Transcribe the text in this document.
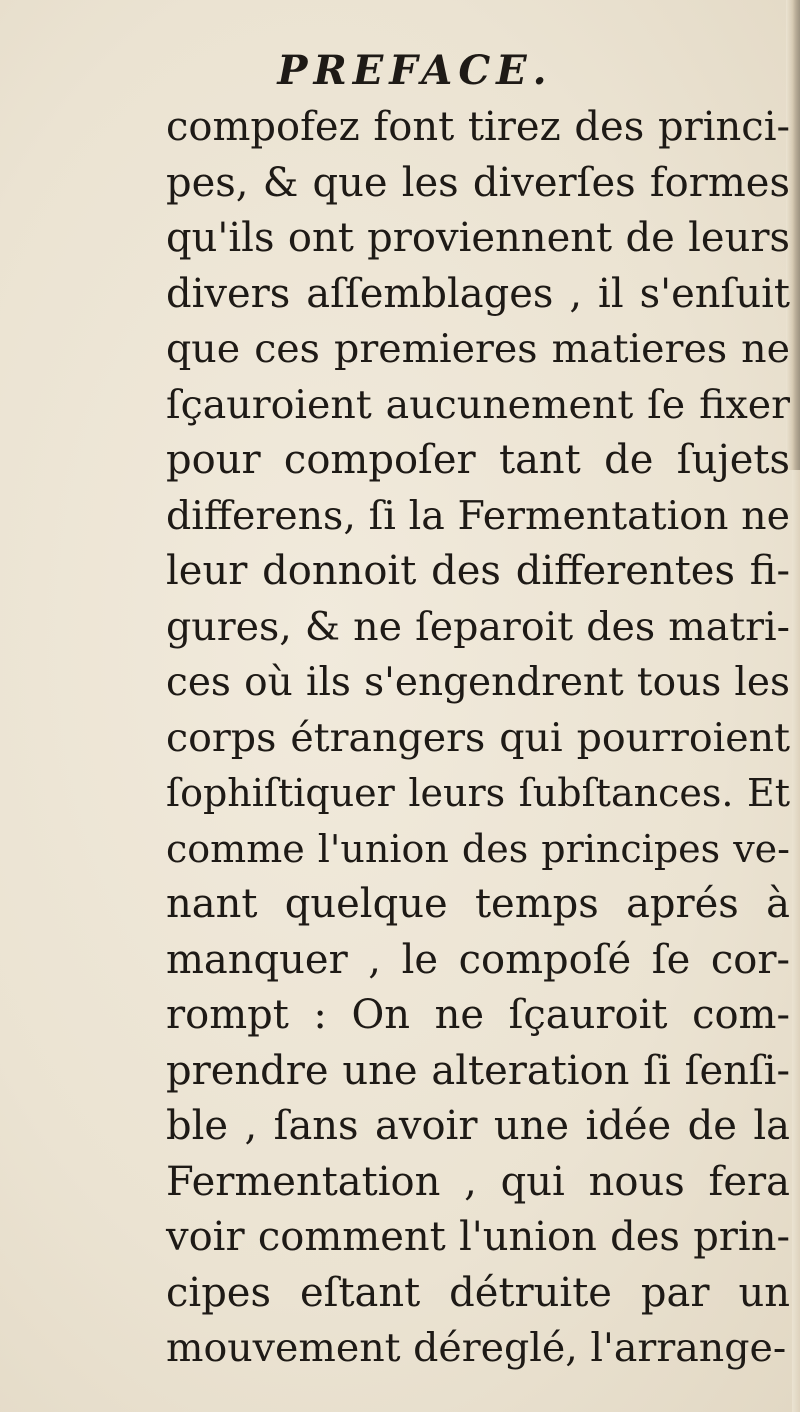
PREFACE.
compofez font tirez des princi-
pes, & que les diverſes formes
qu'ils ont proviennent de leurs
divers aſſemblages , il s'enſuit
que ces premieres matieres ne
ſçauroient aucunement ſe fixer
pour compoſer tant de ſujets
differens, ſi la Fermentation ne
leur donnoit des differentes fi-
gures, & ne ſeparoit des matri-
ces où ils s'engendrent tous les
corps étrangers qui pourroient
ſophiſtiquer leurs ſubſtances. Et
comme l'union des principes ve-
nant quelque temps aprés à
manquer , le compoſé ſe cor-
rompt : On ne ſçauroit com-
prendre une alteration ſi ſenſi-
ble , ſans avoir une idée de la
Fermentation , qui nous fera
voir comment l'union des prin-
cipes eſtant détruite par un
mouvement déreglé, l'arrange-
